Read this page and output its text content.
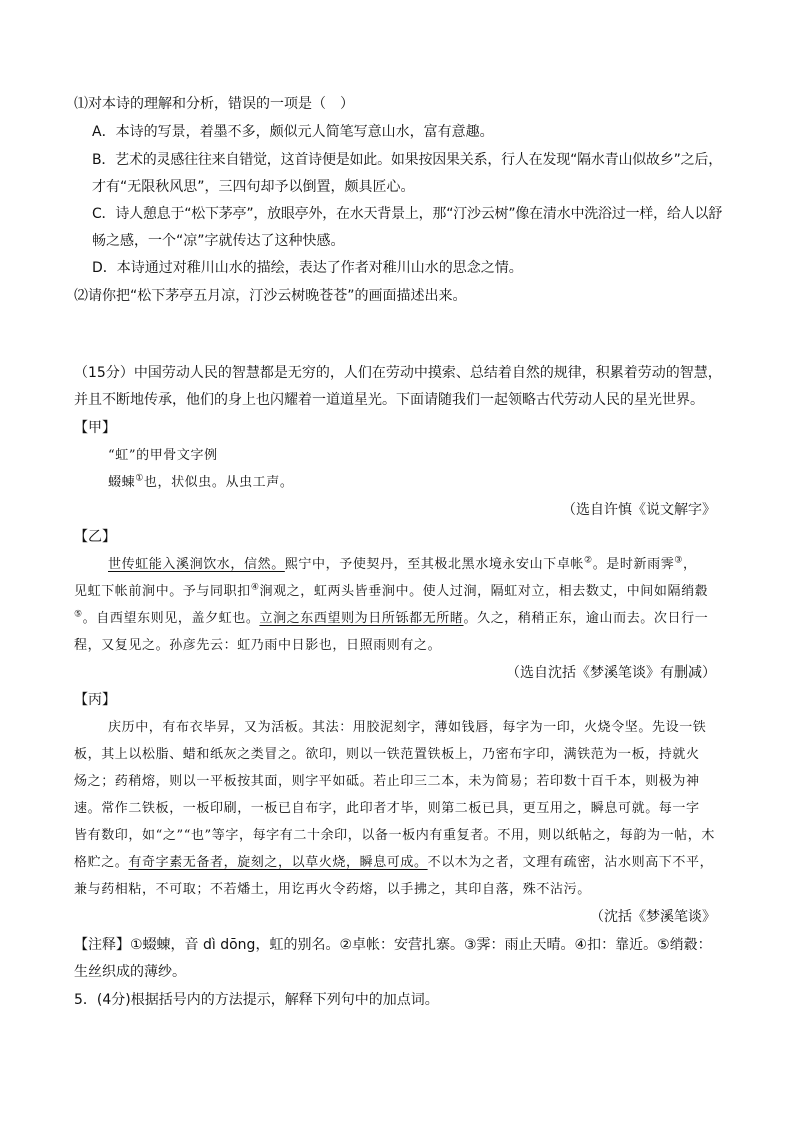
⑴对本诗的理解和分析，错误的一项是（　）
A．本诗的写景，着墨不多，颇似元人简笔写意山水，富有意趣。
B．艺术的灵感往往来自错觉，这首诗便是如此。如果按因果关系，行人在发现“隔水青山似故乡”之后，
才有“无限秋风思”，三四句却予以倒置，颇具匠心。
C．诗人憩息于“松下茅亭”，放眼亭外，在水天背景上，那“汀沙云树”像在清水中洗浴过一样，给人以舒
畅之感，一个“凉”字就传达了这种快感。
D．本诗通过对稚川山水的描绘，表达了作者对稚川山水的思念之情。
⑵请你把“松下茅亭五月凉，汀沙云树晚苍苍”的画面描述出来。
（15分）中国劳动人民的智慧都是无穷的，人们在劳动中摸索、总结着自然的规律，积累着劳动的智慧，
并且不断地传承，他们的身上也闪耀着一道道星光。下面请随我们一起领略古代劳动人民的星光世界。
【甲】
“虹”的甲骨文字例
蝃蝀①也，状似虫。从虫工声。
（选自许慎《说文解字》
【乙】
世传虹能入溪涧饮水，信然。熙宁中，予使契丹，至其极北黑水境永安山下卓帐②。是时新雨霁③，
见虹下帐前涧中。予与同职扣④涧观之，虹两头皆垂涧中。使人过涧，隔虹对立，相去数丈，中间如隔绡縠
⑤。自西望东则见，盖夕虹也。立涧之东西望则为日所铄都无所睹。久之，稍稍正东，逾山而去。次日行一
程，又复见之。孙彦先云：虹乃雨中日影也，日照雨则有之。
（选自沈括《梦溪笔谈》有删减）
【丙】
庆历中，有布衣毕昇，又为活板。其法：用胶泥刻字，薄如钱唇，每字为一印，火烧令坚。先设一铁
板，其上以松脂、蜡和纸灰之类冒之。欲印，则以一铁范置铁板上，乃密布字印，满铁范为一板，持就火
炀之；药稍熔，则以一平板按其面，则字平如砥。若止印三二本，未为简易；若印数十百千本，则极为神
速。常作二铁板，一板印刷，一板已自布字，此印者才毕，则第二板已具，更互用之，瞬息可就。每一字
皆有数印，如“之”“也”等字，每字有二十余印，以备一板内有重复者。不用，则以纸帖之，每韵为一帖，木
格贮之。有奇字素无备者，旋刻之，以草火烧，瞬息可成。不以木为之者，文理有疏密，沾水则高下不平，
兼与药相粘，不可取；不若燔土，用讫再火令药熔，以手拂之，其印自落，殊不沾污。
（沈括《梦溪笔谈》
【注释】①蝃蝀，音 dì dōng，虹的别名。②卓帐：安营扎寨。③霁：雨止天晴。④扣：靠近。⑤绡縠：
生丝织成的薄纱。
5．(4分)根据括号内的方法提示，解释下列句中的加点词。
